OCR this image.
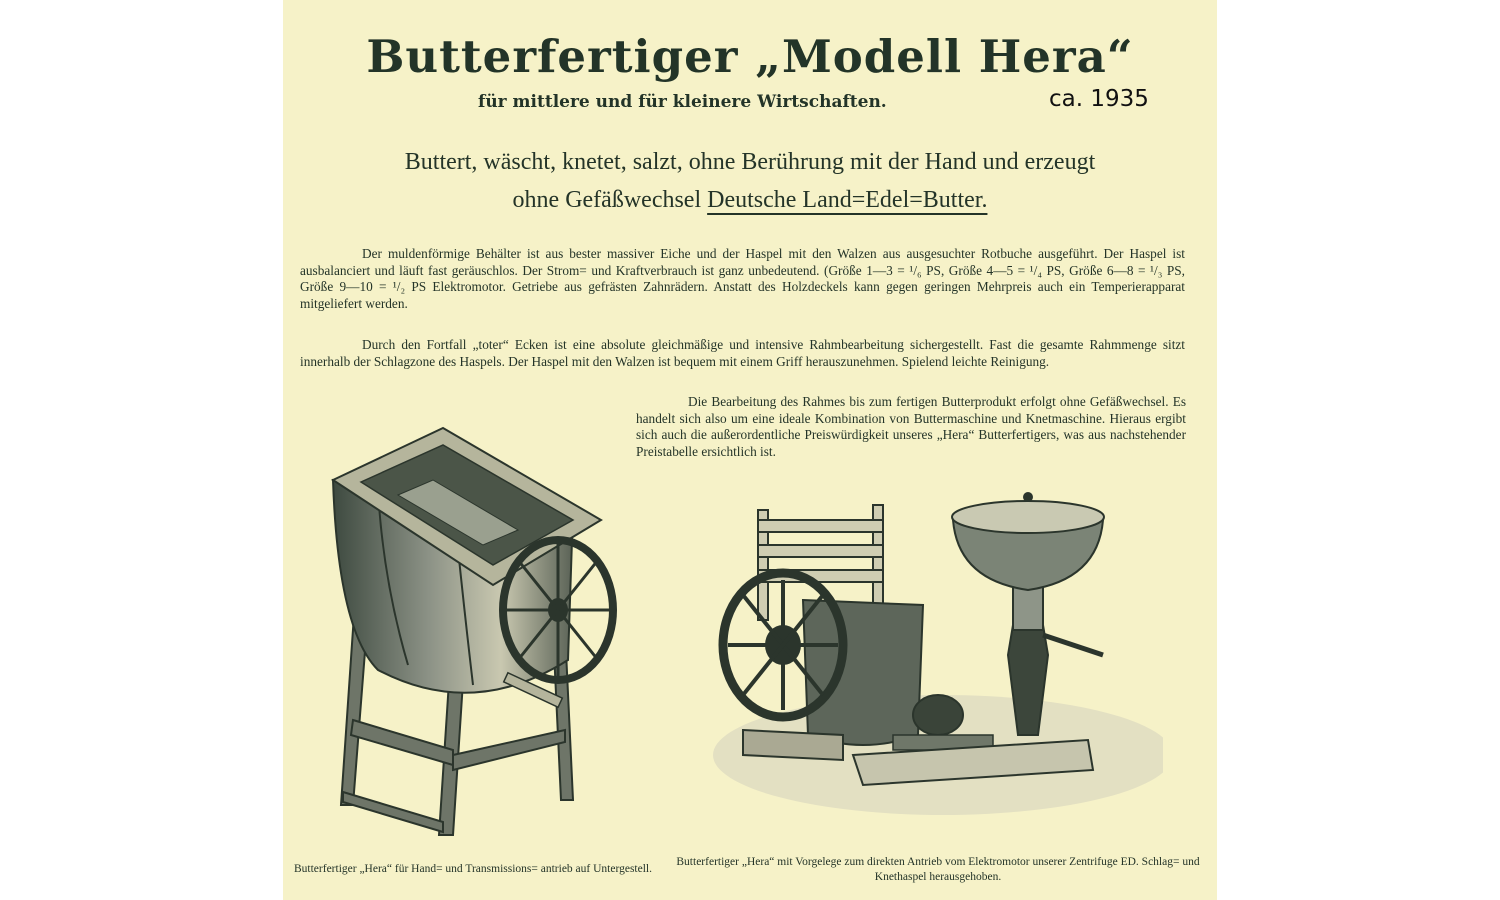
Butterfertiger „Modell Hera“
für mittlere und für kleinere Wirtschaften.	ca. 1935
Buttert, wäscht, knetet, salzt, ohne Berührung mit der Hand und erzeugt
ohne Gefäßwechsel Deutsche Land=Edel=Butter.
Der muldenförmige Behälter ist aus bester massiver Eiche und der Haspel mit den Walzen aus ausgesuchter Rotbuche ausgeführt. Der Haspel ist ausbalanciert und läuft fast geräuschlos. Der Strom= und Kraftverbrauch ist ganz unbedeutend. (Größe 1—3 = ¹/₆ PS, Größe 4—5 = ¹/₄ PS, Größe 6—8 = ¹/₃ PS, Größe 9—10 = ¹/₂ PS Elektromotor. Getriebe aus gefrästen Zahnrädern. Anstatt des Holzdeckels kann gegen geringen Mehrpreis auch ein Temperierapparat mitgeliefert werden.
Durch den Fortfall „toter“ Ecken ist eine absolute gleichmäßige und intensive Rahmbearbeitung sichergestellt. Fast die gesamte Rahmmenge sitzt innerhalb der Schlagzone des Haspels. Der Haspel mit den Walzen ist bequem mit einem Griff herauszunehmen. Spielend leichte Reinigung.
Die Bearbeitung des Rahmes bis zum fertigen Butterprodukt erfolgt ohne Gefäßwechsel. Es handelt sich also um eine ideale Kombination von Buttermaschine und Knetmaschine. Hieraus ergibt sich auch die außerordentliche Preiswürdigkeit unseres „Hera“ Butterfertigers, was aus nachstehender Preistabelle ersichtlich ist.
Butterfertiger „Hera“ für Hand= und Transmissions= antrieb auf Untergestell.
Butterfertiger „Hera“ mit Vorgelege zum direkten Antrieb vom Elektromotor unserer Zentrifuge ED. Schlag= und Knethaspel herausgehoben.
